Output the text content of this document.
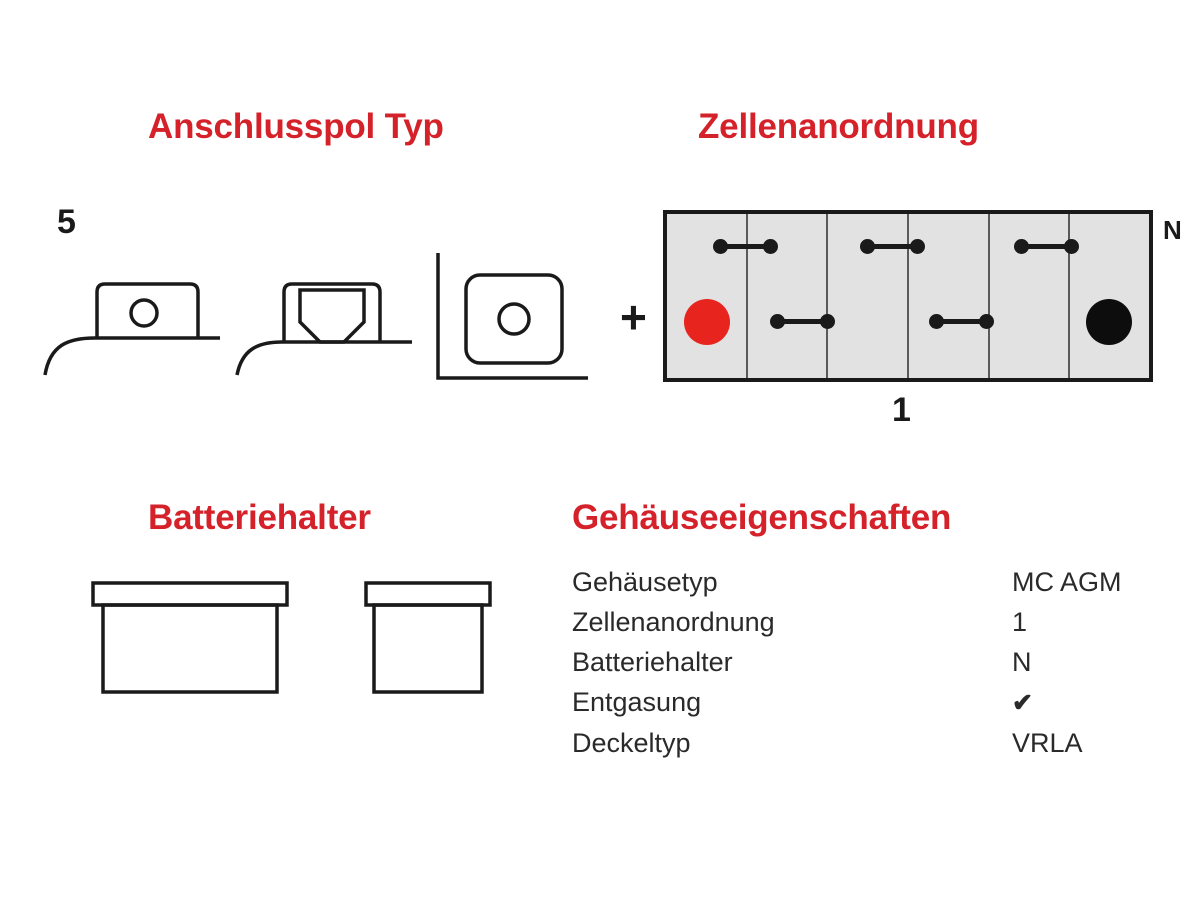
Anschlusspol Typ
5
Zellenanordnung
+
N
1
Batteriehalter	Gehäuseeigenschaften
Gehäusetyp	MC AGM
Zellenanordnung	1
Batteriehalter	N
Entgasung	✔
Deckeltyp	VRLA
